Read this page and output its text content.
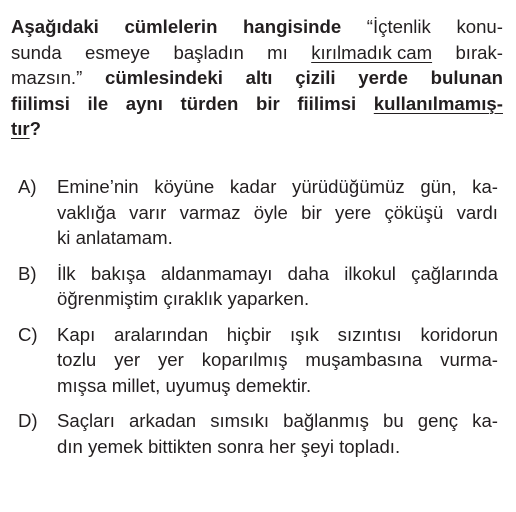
Aşağıdaki cümlelerin hangisinde “İçtenlik konu-
sunda esmeye başladın mı kırılmadık cam bırak-
mazsın.” cümlesindeki altı çizili yerde bulunan
fiilimsi ile aynı türden bir fiilimsi kullanılmamış-
tır ?
A) Emine’nin köyüne kadar yürüdüğümüz gün, ka-
vaklığa varır varmaz öyle bir yere çöküşü vardı
ki anlatamam.
B) İlk bakışa aldanmamayı daha ilkokul çağlarında
öğrenmiştim çıraklık yaparken.
C) Kapı aralarından hiçbir ışık sızıntısı koridorun
tozlu yer yer koparılmış muşambasına vurma-
mışsa millet, uyumuş demektir.
D) Saçları arkadan sımsıkı bağlanmış bu genç ka-
dın yemek bittikten sonra her şeyi topladı.
